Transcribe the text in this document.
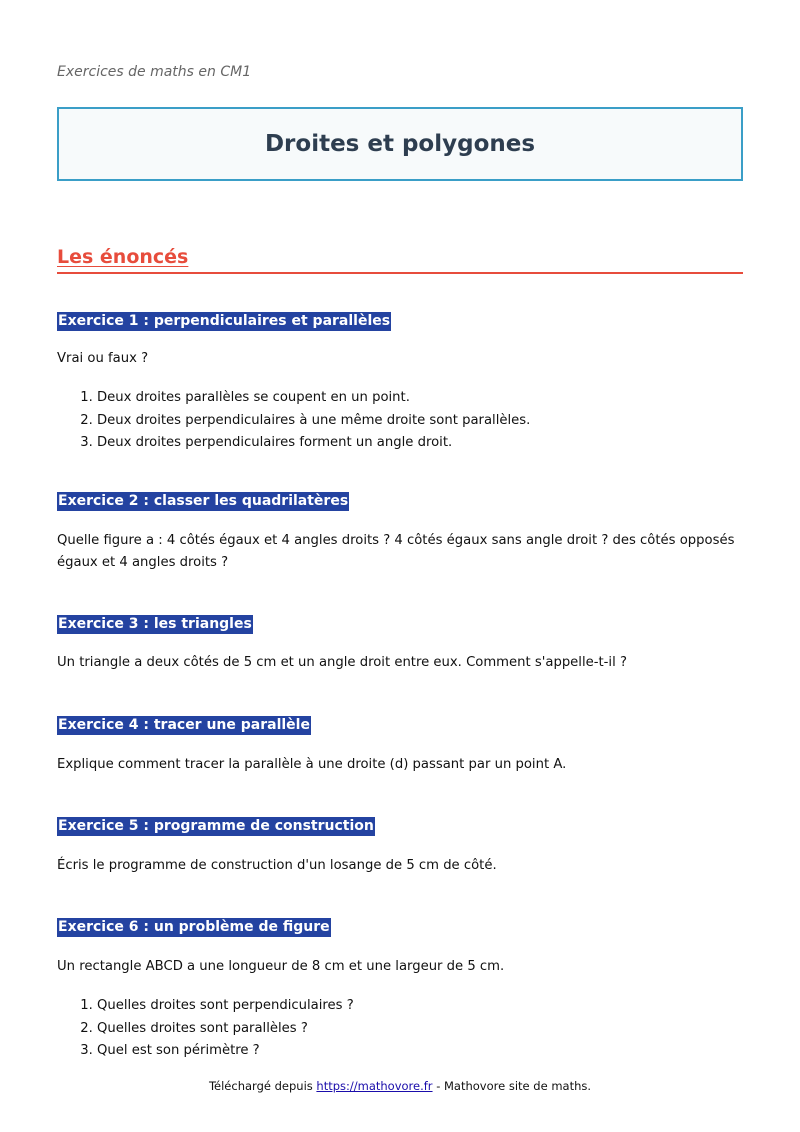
Exercices de maths en CM1
Droites et polygones
Les énoncés
Exercice 1 : perpendiculaires et parallèles
Vrai ou faux ?
1. Deux droites parallèles se coupent en un point.
2. Deux droites perpendiculaires à une même droite sont parallèles.
3. Deux droites perpendiculaires forment un angle droit.
Exercice 2 : classer les quadrilatères
Quelle figure a : 4 côtés égaux et 4 angles droits ? 4 côtés égaux sans angle droit ? des côtés opposés égaux et 4 angles droits ?
Exercice 3 : les triangles
Un triangle a deux côtés de 5 cm et un angle droit entre eux. Comment s'appelle-t-il ?
Exercice 4 : tracer une parallèle
Explique comment tracer la parallèle à une droite (d) passant par un point A.
Exercice 5 : programme de construction
Écris le programme de construction d'un losange de 5 cm de côté.
Exercice 6 : un problème de figure
Un rectangle ABCD a une longueur de 8 cm et une largeur de 5 cm.
1. Quelles droites sont perpendiculaires ?
2. Quelles droites sont parallèles ?
3. Quel est son périmètre ?
Téléchargé depuis https://mathovore.fr - Mathovore site de maths.
